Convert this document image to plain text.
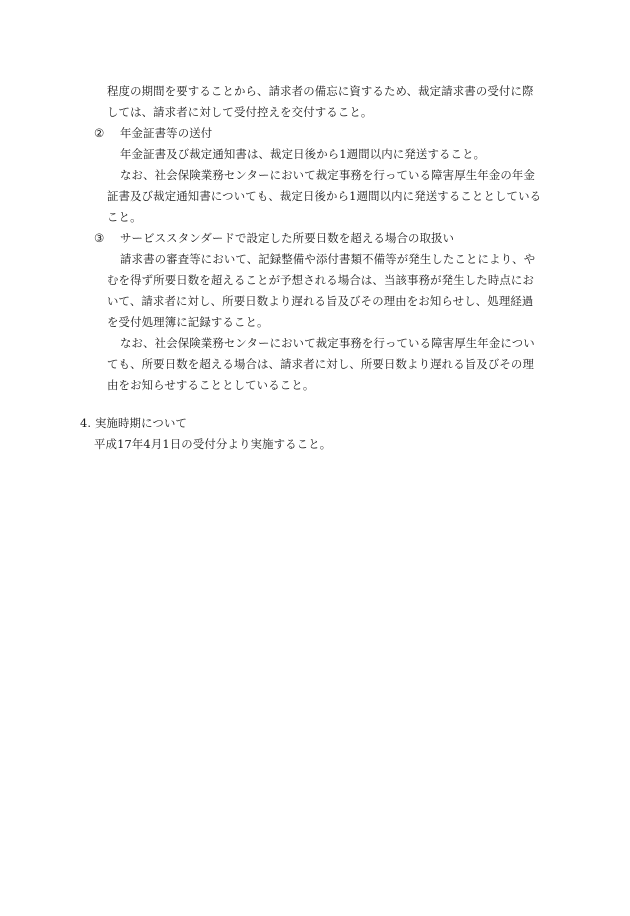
程度の期間を要することから、請求者の備忘に資するため、裁定請求書の受付に際
しては、請求者に対して受付控えを交付すること。
② 年金証書等の送付
年金証書及び裁定通知書は、裁定日後から1週間以内に発送すること。
なお、社会保険業務センターにおいて裁定事務を行っている障害厚生年金の年金
証書及び裁定通知書についても、裁定日後から1週間以内に発送することとしている
こと。
③ サービススタンダードで設定した所要日数を超える場合の取扱い
請求書の審査等において、記録整備や添付書類不備等が発生したことにより、や
むを得ず所要日数を超えることが予想される場合は、当該事務が発生した時点にお
いて、請求者に対し、所要日数より遅れる旨及びその理由をお知らせし、処理経過
を受付処理簿に記録すること。
なお、社会保険業務センターにおいて裁定事務を行っている障害厚生年金につい
ても、所要日数を超える場合は、請求者に対し、所要日数より遅れる旨及びその理
由をお知らせすることとしていること。
4. 実施時期について
平成17年4月1日の受付分より実施すること。
